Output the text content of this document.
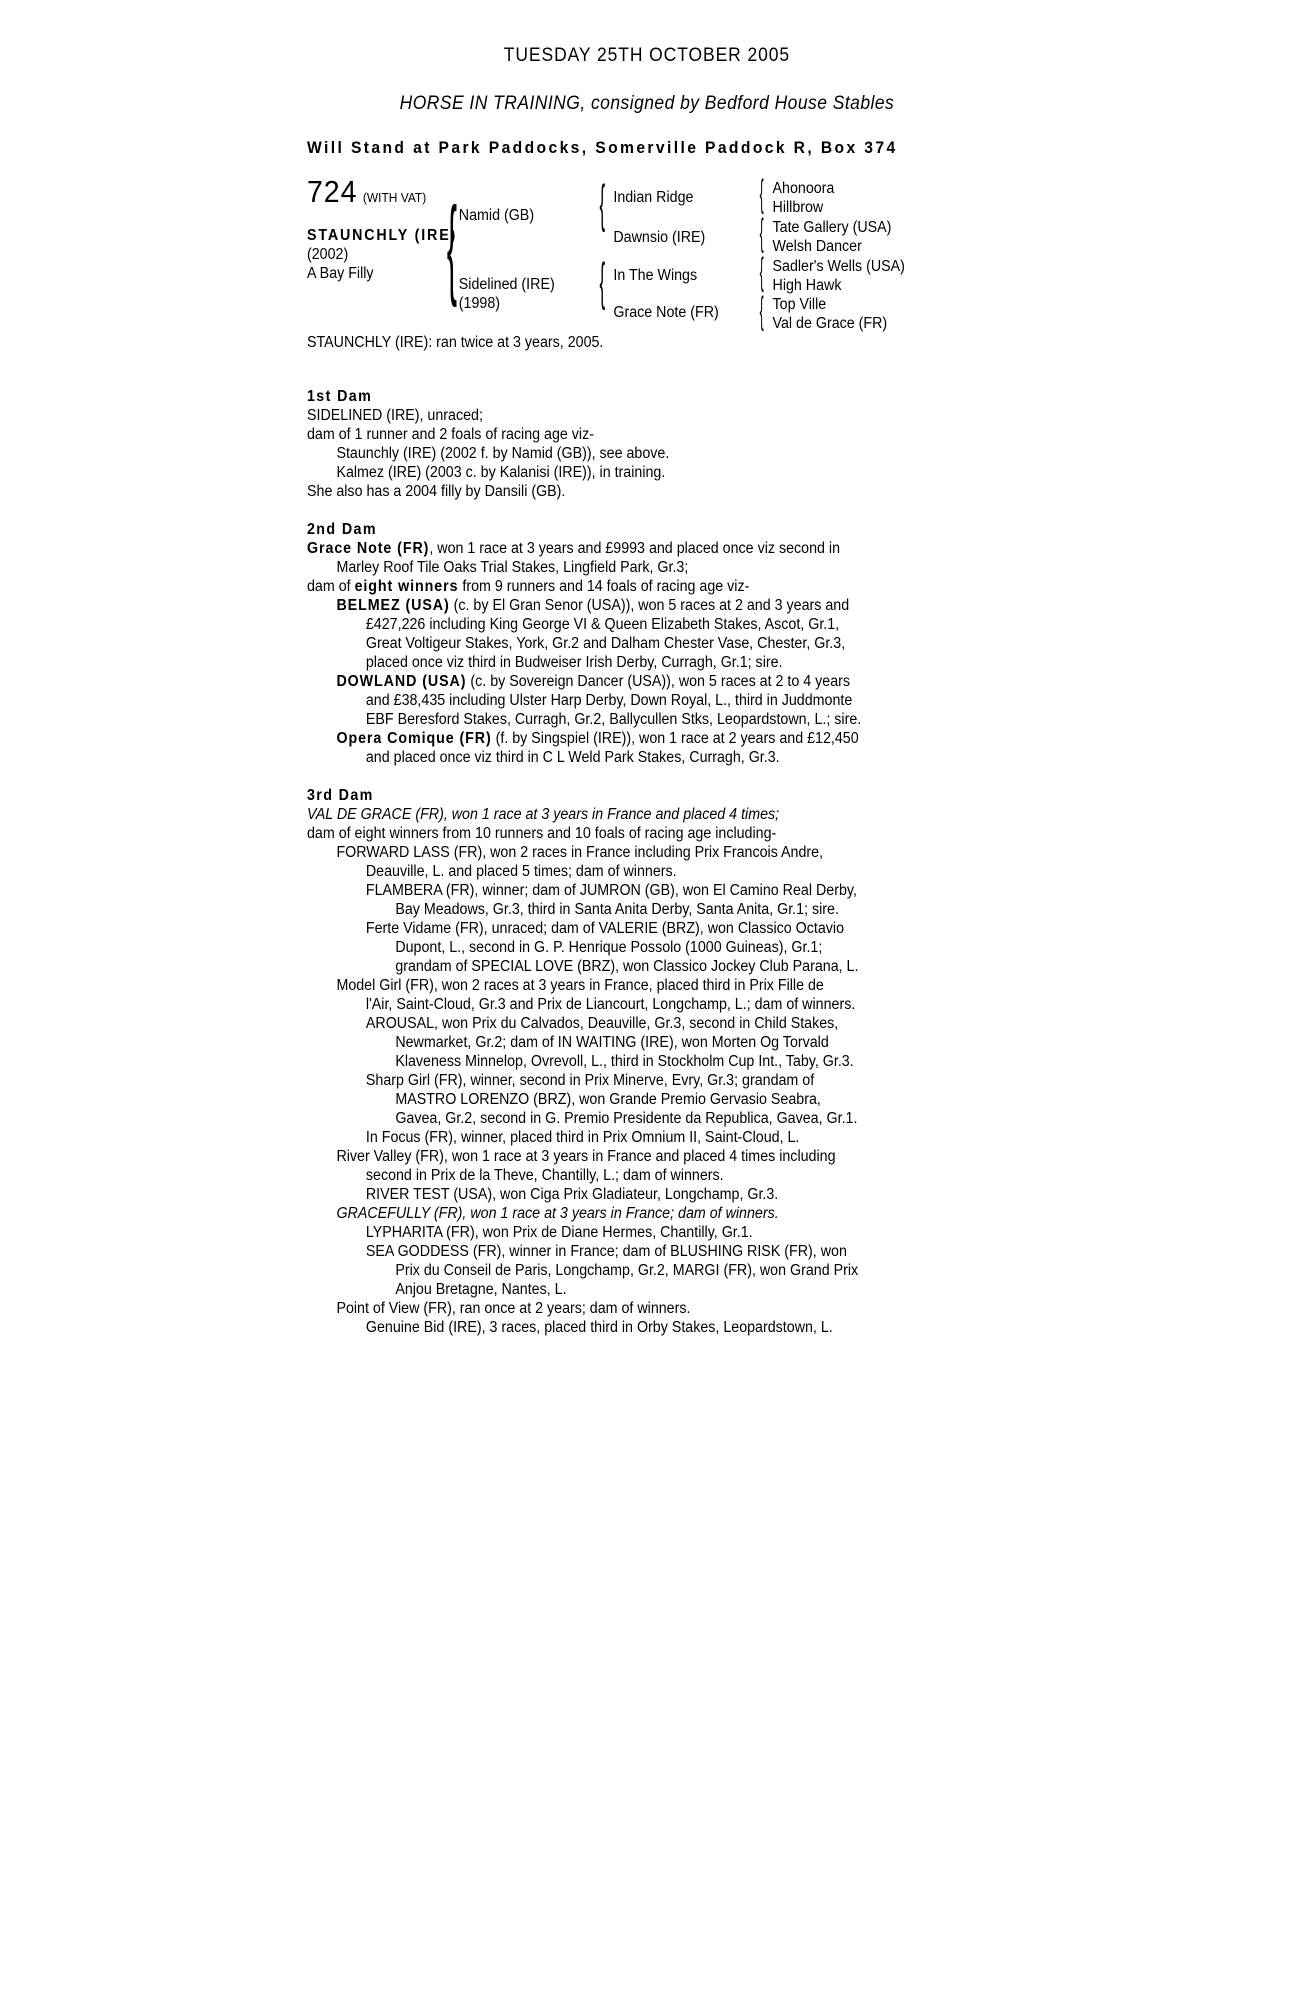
TUESDAY 25TH OCTOBER 2005
HORSE IN TRAINING, consigned by Bedford House Stables
Will Stand at Park Paddocks, Somerville Paddock R, Box 374
724 (WITH VAT)
STAUNCHLY (IRE)
(2002)
A Bay Filly {	{
{
{
{
{
{
Namid (GB)
Sidelined (IRE)
(1998)
Indian Ridge
Dawnsio (IRE)
In The Wings
Grace Note (FR)
Ahonoora
Hillbrow
Tate Gallery (USA)
Welsh Dancer
Sadler's Wells (USA)
High Hawk
Top Ville
Val de Grace (FR)
STAUNCHLY (IRE): ran twice at 3 years, 2005.

1st Dam

SIDELINED (IRE), unraced;

dam of 1 runner and 2 foals of racing age viz-

Staunchly (IRE) (2002 f. by Namid (GB)), see above.

Kalmez (IRE) (2003 c. by Kalanisi (IRE)), in training.

She also has a 2004 filly by Dansili (GB).

2nd Dam

Grace Note (FR), won 1 race at 3 years and £9993 and placed once viz second in

Marley Roof Tile Oaks Trial Stakes, Lingfield Park, Gr.3;

dam of eight winners from 9 runners and 14 foals of racing age viz-

BELMEZ (USA) (c. by El Gran Senor (USA)), won 5 races at 2 and 3 years and

£427,226 including King George VI & Queen Elizabeth Stakes, Ascot, Gr.1,

Great Voltigeur Stakes, York, Gr.2 and Dalham Chester Vase, Chester, Gr.3,

placed once viz third in Budweiser Irish Derby, Curragh, Gr.1; sire.

DOWLAND (USA) (c. by Sovereign Dancer (USA)), won 5 races at 2 to 4 years

and £38,435 including Ulster Harp Derby, Down Royal, L., third in Juddmonte

EBF Beresford Stakes, Curragh, Gr.2, Ballycullen Stks, Leopardstown, L.; sire.

Opera Comique (FR) (f. by Singspiel (IRE)), won 1 race at 2 years and £12,450

and placed once viz third in C L Weld Park Stakes, Curragh, Gr.3.

3rd Dam

VAL DE GRACE (FR), won 1 race at 3 years in France and placed 4 times;

dam of eight winners from 10 runners and 10 foals of racing age including-

FORWARD LASS (FR), won 2 races in France including Prix Francois Andre,

Deauville, L. and placed 5 times; dam of winners.

FLAMBERA (FR), winner; dam of JUMRON (GB), won El Camino Real Derby,

Bay Meadows, Gr.3, third in Santa Anita Derby, Santa Anita, Gr.1; sire.

Ferte Vidame (FR), unraced; dam of VALERIE (BRZ), won Classico Octavio

Dupont, L., second in G. P. Henrique Possolo (1000 Guineas), Gr.1;

grandam of SPECIAL LOVE (BRZ), won Classico Jockey Club Parana, L.

Model Girl (FR), won 2 races at 3 years in France, placed third in Prix Fille de

l'Air, Saint-Cloud, Gr.3 and Prix de Liancourt, Longchamp, L.; dam of winners.

AROUSAL, won Prix du Calvados, Deauville, Gr.3, second in Child Stakes,

Newmarket, Gr.2; dam of IN WAITING (IRE), won Morten Og Torvald

Klaveness Minnelop, Ovrevoll, L., third in Stockholm Cup Int., Taby, Gr.3.

Sharp Girl (FR), winner, second in Prix Minerve, Evry, Gr.3; grandam of

MASTRO LORENZO (BRZ), won Grande Premio Gervasio Seabra,

Gavea, Gr.2, second in G. Premio Presidente da Republica, Gavea, Gr.1.

In Focus (FR), winner, placed third in Prix Omnium II, Saint-Cloud, L.

River Valley (FR), won 1 race at 3 years in France and placed 4 times including

second in Prix de la Theve, Chantilly, L.; dam of winners.

RIVER TEST (USA), won Ciga Prix Gladiateur, Longchamp, Gr.3.

GRACEFULLY (FR), won 1 race at 3 years in France; dam of winners.

LYPHARITA (FR), won Prix de Diane Hermes, Chantilly, Gr.1.

SEA GODDESS (FR), winner in France; dam of BLUSHING RISK (FR), won

Prix du Conseil de Paris, Longchamp, Gr.2, MARGI (FR), won Grand Prix

Anjou Bretagne, Nantes, L.

Point of View (FR), ran once at 2 years; dam of winners.

Genuine Bid (IRE), 3 races, placed third in Orby Stakes, Leopardstown, L.
